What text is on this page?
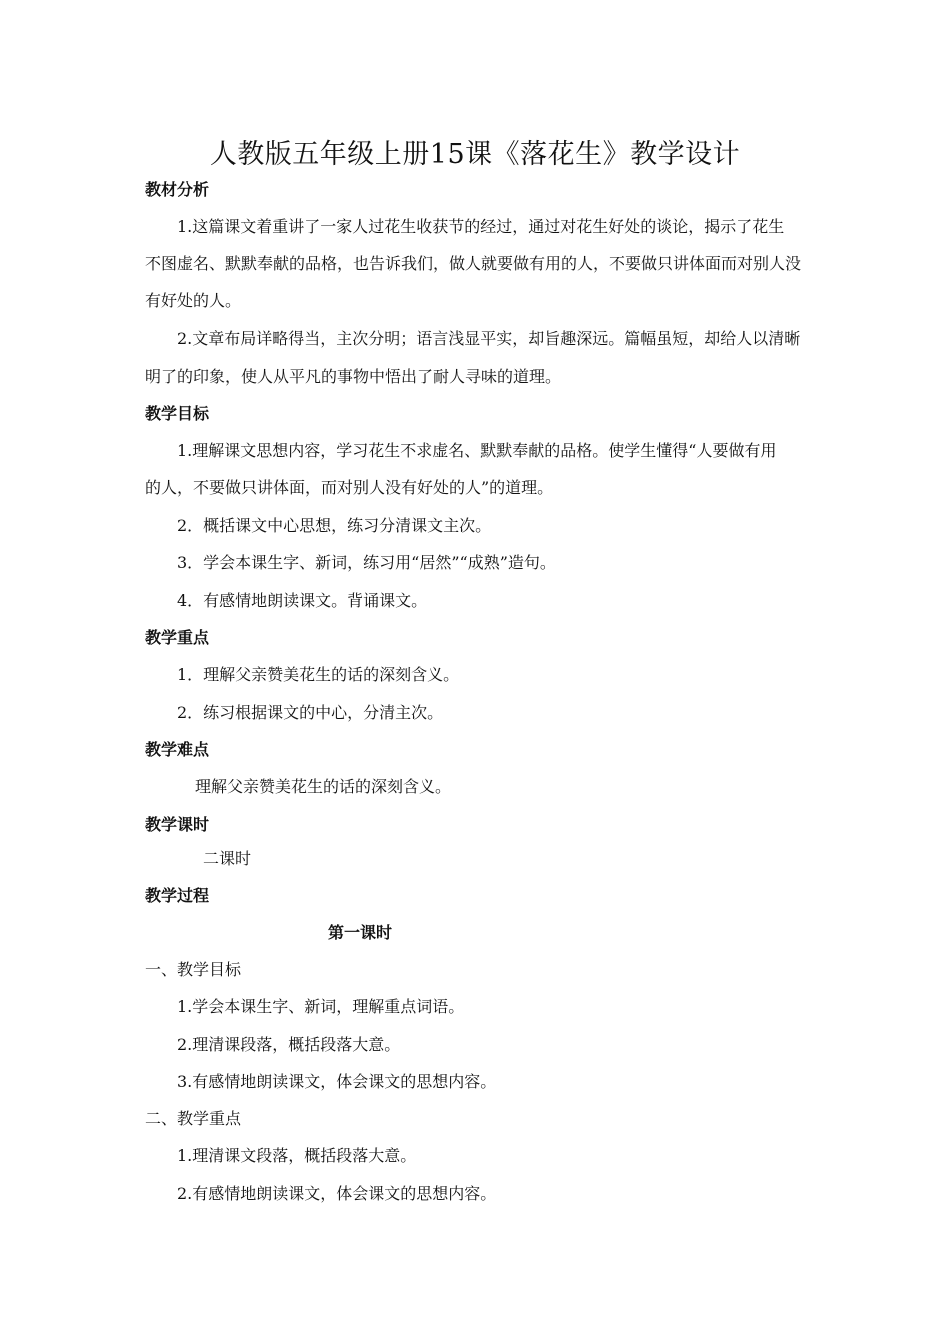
人教版五年级上册15课《落花生》教学设计
教材分析
1.这篇课文着重讲了一家人过花生收获节的经过，通过对花生好处的谈论，揭示了花生
不图虚名、默默奉献的品格，也告诉我们，做人就要做有用的人，不要做只讲体面而对别人没
有好处的人。
2.文章布局详略得当，主次分明；语言浅显平实，却旨趣深远。篇幅虽短，却给人以清晰
明了的印象，使人从平凡的事物中悟出了耐人寻味的道理。
教学目标
1.理解课文思想内容，学习花生不求虚名、默默奉献的品格。使学生懂得“人要做有用
的人，不要做只讲体面，而对别人没有好处的人”的道理。
2．概括课文中心思想，练习分清课文主次。
3．学会本课生字、新词，练习用“居然”“成熟”造句。
4．有感情地朗读课文。背诵课文。
教学重点
1．理解父亲赞美花生的话的深刻含义。
2．练习根据课文的中心，分清主次。
教学难点
理解父亲赞美花生的话的深刻含义。
教学课时
二课时
教学过程
第一课时
一、教学目标
1.学会本课生字、新词，理解重点词语。
2.理清课段落，概括段落大意。
3.有感情地朗读课文，体会课文的思想内容。
二、教学重点
1.理清课文段落，概括段落大意。
2.有感情地朗读课文，体会课文的思想内容。
